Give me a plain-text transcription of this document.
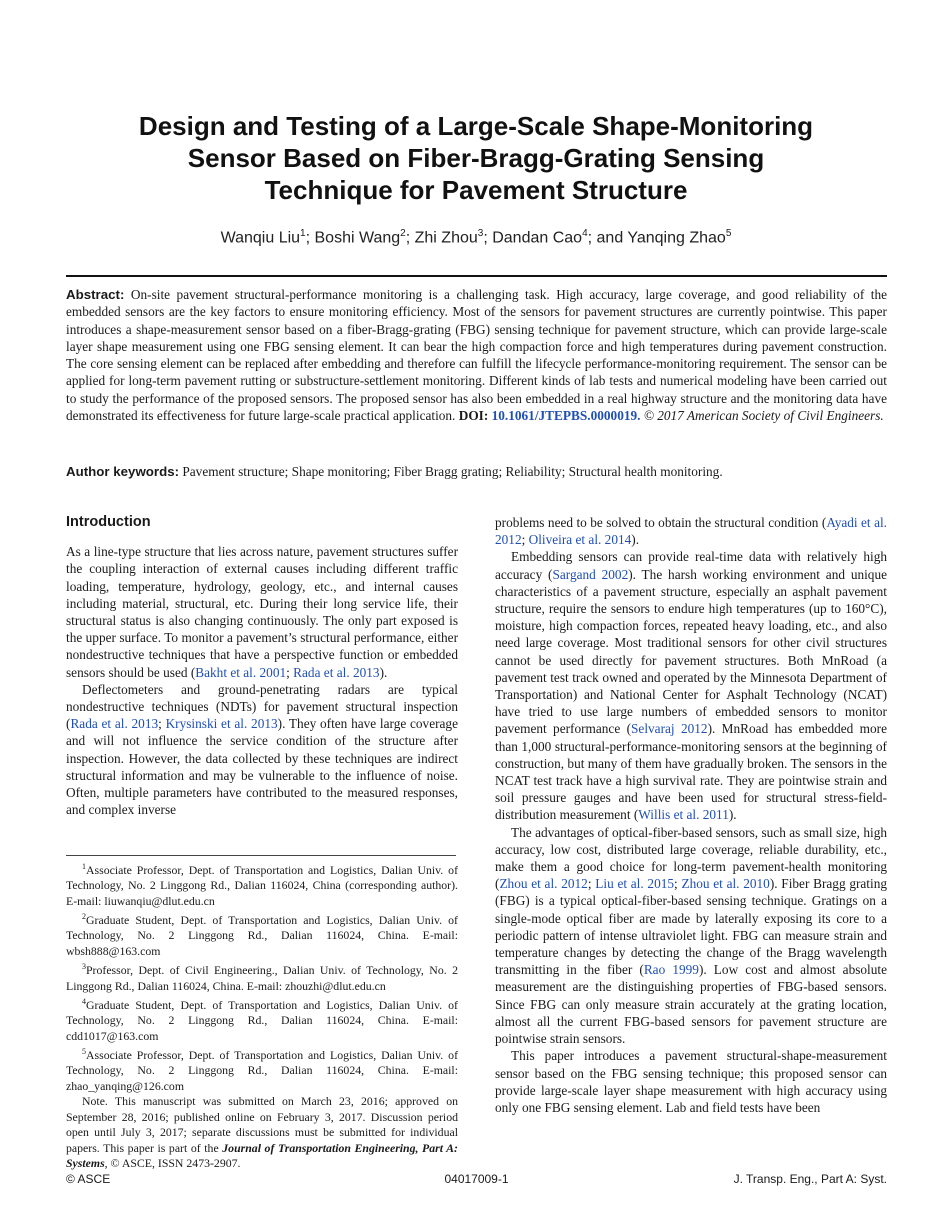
Design and Testing of a Large-Scale Shape-Monitoring
Sensor Based on Fiber-Bragg-Grating Sensing
Technique for Pavement Structure
Wanqiu Liu$^1$; Boshi Wang$^2$; Zhi Zhou$^3$; Dandan Cao$^4$; and Yanqing Zhao$^5$
Abstract: On-site pavement structural-performance monitoring is a challenging task. High accuracy, large coverage, and good reliability of the embedded sensors are the key factors to ensure monitoring efficiency. Most of the sensors for pavement structures are currently pointwise. This paper introduces a shape-measurement sensor based on a fiber-Bragg-grating (FBG) sensing technique for pavement structure, which can provide large-scale layer shape measurement using one FBG sensing element. It can bear the high compaction force and high temperatures during pavement construction. The core sensing element can be replaced after embedding and therefore can fulfill the lifecycle performance-monitoring requirement. The sensor can be applied for long-term pavement rutting or substructure-settlement monitoring. Different kinds of lab tests and numerical modeling have been carried out to study the performance of the proposed sensors. The proposed sensor has also been embedded in a real highway structure and the monitoring data have demonstrated its effectiveness for future large-scale practical application. DOI: 10.1061/JTEPBS.0000019. © 2017 American Society of Civil Engineers.
Author keywords: Pavement structure; Shape monitoring; Fiber Bragg grating; Reliability; Structural health monitoring.
Introduction

As a line-type structure that lies across nature, pavement structures suffer the coupling interaction of external causes including different traffic loading, temperature, hydrology, geology, etc., and internal causes including material, structural, etc. During their long service life, their structural status is also changing continuously. The only part exposed is the upper surface. To monitor a pavement’s structural performance, either nondestructive techniques that have a perspective function or embedded sensors should be used (Bakht et al. 2001; Rada et al. 2013).

Deflectometers and ground-penetrating radars are typical nondestructive techniques (NDTs) for pavement structural inspection (Rada et al. 2013; Krysinski et al. 2013). They often have large coverage and will not influence the service condition of the structure after inspection. However, the data collected by these techniques are indirect structural information and may be vulnerable to the influence of noise. Often, multiple parameters have contributed to the measured responses, and complex inverse

problems need to be solved to obtain the structural condition (Ayadi et al. 2012; Oliveira et al. 2014).

Embedding sensors can provide real-time data with relatively high accuracy (Sargand 2002). The harsh working environment and unique characteristics of a pavement structure, especially an asphalt pavement structure, require the sensors to endure high temperatures (up to 160°C), moisture, high compaction forces, repeated heavy loading, etc., and also need large coverage. Most traditional sensors for other civil structures cannot be used directly for pavement structures. Both MnRoad (a pavement test track owned and operated by the Minnesota Department of Transportation) and National Center for Asphalt Technology (NCAT) have tried to use large numbers of embedded sensors to monitor pavement performance (Selvaraj 2012). MnRoad has embedded more than 1,000 structural-performance-monitoring sensors at the beginning of construction, but many of them have gradually broken. The sensors in the NCAT test track have a high survival rate. They are pointwise strain and soil pressure gauges and have been used for structural stress-field-distribution measurement (Willis et al. 2011).

The advantages of optical-fiber-based sensors, such as small size, high accuracy, low cost, distributed large coverage, reliable durability, etc., make them a good choice for long-term pavement-health monitoring (Zhou et al. 2012; Liu et al. 2015; Zhou et al. 2010). Fiber Bragg grating (FBG) is a typical optical-fiber-based sensing technique. Gratings on a single-mode optical fiber are made by laterally exposing its core to a periodic pattern of intense ultraviolet light. FBG can measure strain and temperature changes by detecting the change of the Bragg wavelength transmitting in the fiber (Rao 1999). Low cost and almost absolute measurement are the distinguishing properties of FBG-based sensors. Since FBG can only measure strain accurately at the grating location, almost all the current FBG-based sensors for pavement structure are pointwise strain sensors.

This paper introduces a pavement structural-shape-measurement sensor based on the FBG sensing technique; this proposed sensor can provide large-scale layer shape measurement with high accuracy using only one FBG sensing element. Lab and field tests have been

$^1$Associate Professor, Dept. of Transportation and Logistics, Dalian Univ. of Technology, No. 2 Linggong Rd., Dalian 116024, China (corresponding author). E-mail: liuwanqiu@dlut.edu.cn

$^2$Graduate Student, Dept. of Transportation and Logistics, Dalian Univ. of Technology, No. 2 Linggong Rd., Dalian 116024, China. E-mail: wbsh888@163.com

$^3$Professor, Dept. of Civil Engineering., Dalian Univ. of Technology, No. 2 Linggong Rd., Dalian 116024, China. E-mail: zhouzhi@dlut.edu.cn

$^4$Graduate Student, Dept. of Transportation and Logistics, Dalian Univ. of Technology, No. 2 Linggong Rd., Dalian 116024, China. E-mail: cdd1017@163.com

$^5$Associate Professor, Dept. of Transportation and Logistics, Dalian Univ. of Technology, No. 2 Linggong Rd., Dalian 116024, China. E-mail: zhao_yanqing@126.com

Note. This manuscript was submitted on March 23, 2016; approved on September 28, 2016; published online on February 3, 2017. Discussion period open until July 3, 2017; separate discussions must be submitted for individual papers. This paper is part of the Journal of Transportation Engineering, Part A: Systems, © ASCE, ISSN 2473-2907.

© ASCE	04017009-1	J. Transp. Eng., Part A: Syst.
